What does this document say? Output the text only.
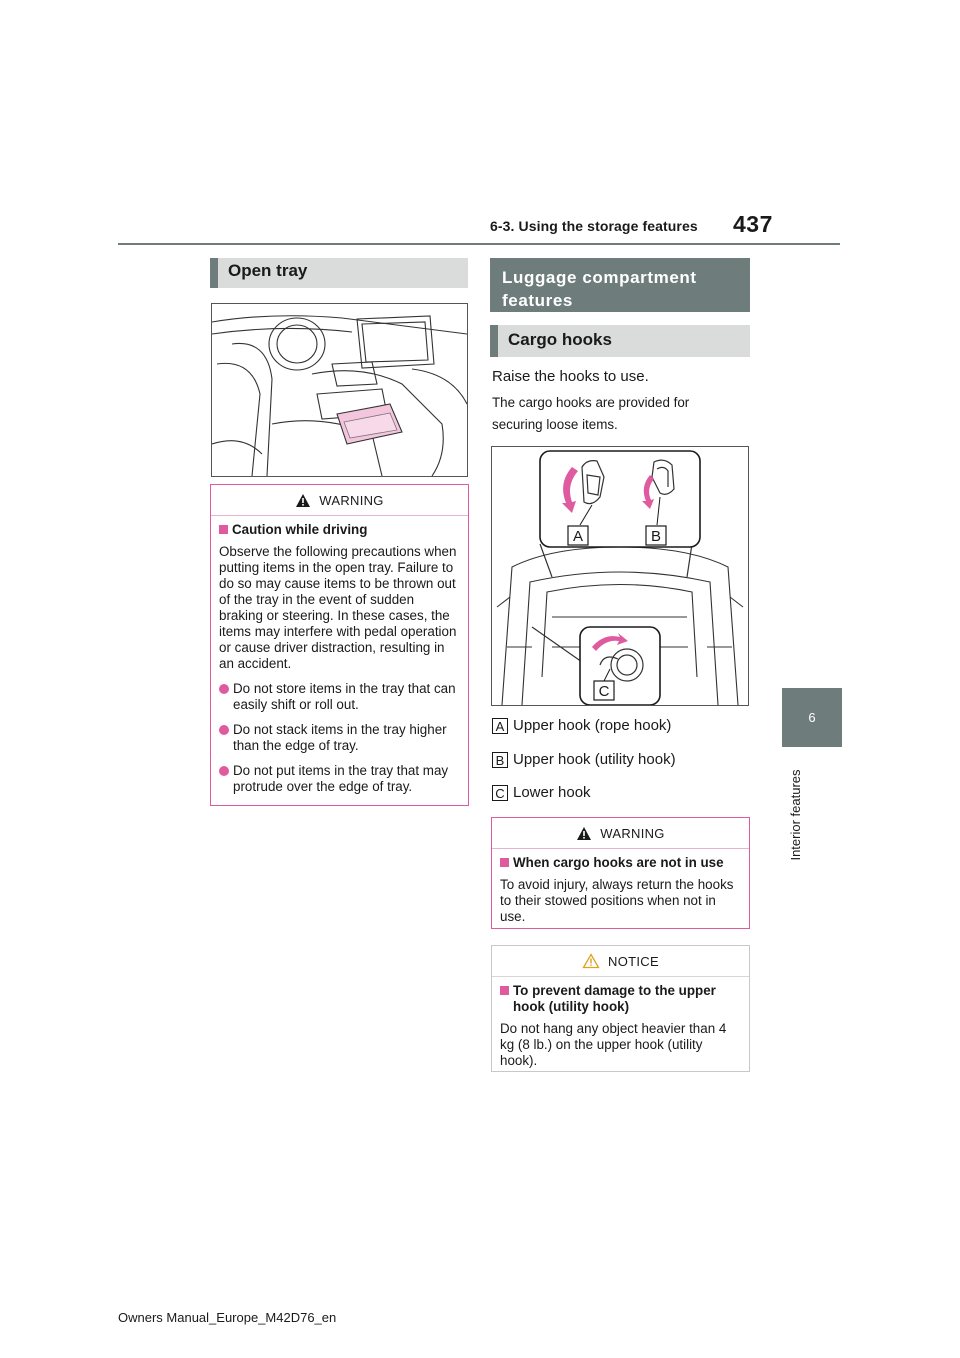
6-3. Using the storage features 437
6
Interior features
Open tray
WARNING
Caution while driving

Observe the following precautions when putting items in the open tray. Failure to do so may cause items to be thrown out of the tray in the event of sudden braking or steering. In these cases, the items may interfere with pedal operation or cause driver distraction, resulting in an accident.

Do not store items in the tray that can easily shift or roll out.
Do not stack items in the tray higher than the edge of tray.
Do not put items in the tray that may protrude over the edge of tray.
Luggage compartment features
Cargo hooks
Raise the hooks to use.
The cargo hooks are provided for securing loose items.
A	B
C
A Upper hook (rope hook)
B Upper hook (utility hook)
C Lower hook
WARNING
When cargo hooks are not in use

To avoid injury, always return the hooks to their stowed positions when not in use.

NOTICE
To prevent damage to the upper hook (utility hook)

Do not hang any object heavier than 4 kg (8 lb.) on the upper hook (utility hook).

Owners Manual_Europe_M42D76_en
